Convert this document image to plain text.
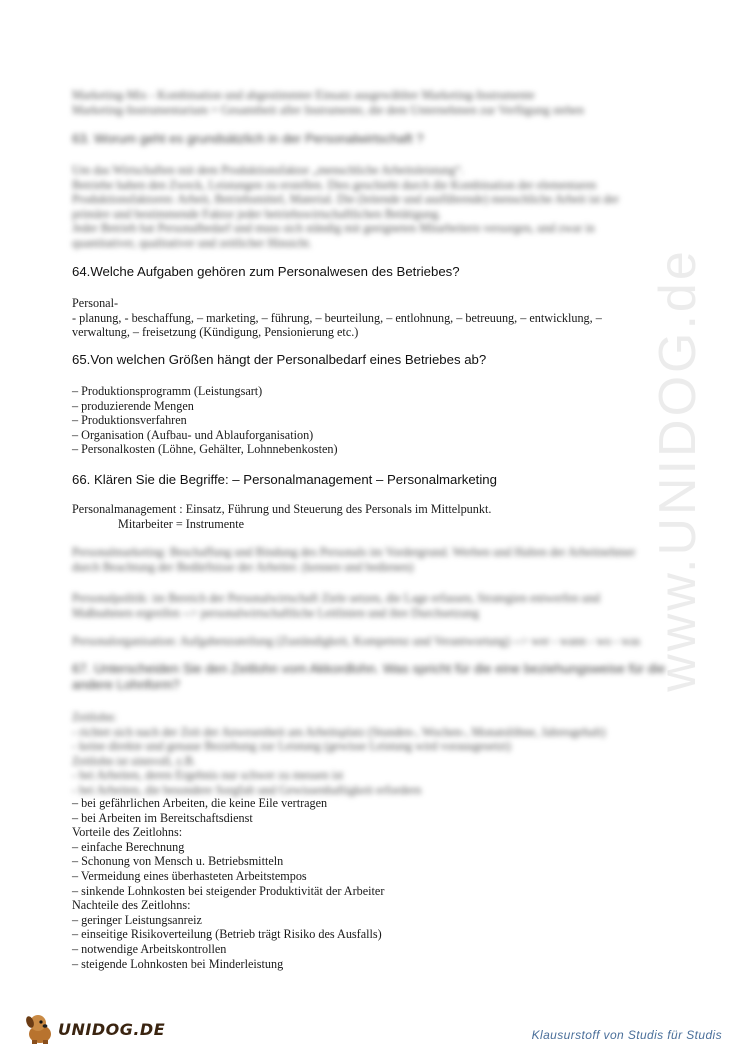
www.UNIDOG.de
Marketing-Mix - Kombination und abgestimmter Einsatz ausgewählter Marketing-Instrumente
Marketing-Instrumentarium = Gesamtheit aller Instrumente, die dem Unternehmen zur Verfügung stehen
63. Worum geht es grundsätzlich in der Personalwirtschaft ?
Um das Wirtschaften mit dem Produktionsfaktor „menschliche Arbeitsleistung“.
Betriebe haben den Zweck, Leistungen zu erstellen. Dies geschieht durch die Kombination der elementaren
Produktionsfaktoren: Arbeit, Betriebsmittel, Material. Die (leitende und ausführende) menschliche Arbeit ist der
primäre und bestimmende Faktor jeder betriebswirtschaftlichen Betätigung.
Jeder Betrieb hat Personalbedarf und muss sich ständig mit geeigneten Mitarbeitern versorgen, und zwar in
quantitativer, qualitativer und zeitlicher Hinsicht.
64.Welche Aufgaben gehören zum Personalwesen des Betriebes?
Personal-
- planung, - beschaffung, – marketing, – führung, – beurteilung, – entlohnung, – betreuung, – entwicklung, –
verwaltung, – freisetzung (Kündigung, Pensionierung etc.)
65.Von welchen Größen hängt der Personalbedarf eines Betriebes ab?
– Produktionsprogramm (Leistungsart)
– produzierende Mengen
– Produktionsverfahren
– Organisation (Aufbau- und Ablauforganisation)
– Personalkosten (Löhne, Gehälter, Lohnnebenkosten)
66. Klären Sie die Begriffe: – Personalmanagement – Personalmarketing
Personalmanagement : Einsatz, Führung und Steuerung des Personals im Mittelpunkt.
Mitarbeiter = Instrumente
Personalmarketing: Beschaffung und Bindung des Personals im Vordergrund. Werben und Halten der Arbeitnehmer
durch Beachtung der Bedürfnisse der Arbeiter. (kennen und bedienen)
Personalpolitik: im Bereich der Personalwirtschaft Ziele setzen, die Lage erfassen, Strategien entwerfen und
Maßnahmen ergreifen --> personalwirtschaftliche Leitlinien und ihre Durchsetzung
Personalorganisation: Aufgabenzuteilung (Zuständigkeit, Kompetenz und Verantwortung) --> wer - wann - wo - was
67. Unterscheiden Sie den Zeitlohn vom Akkordlohn. Was spricht für die eine beziehungsweise für die andere Lohnform?
Zeitlohn:
- richtet sich nach der Zeit der Anwesenheit am Arbeitsplatz (Stunden-, Wochen-, Monatslöhne, Jahresgehalt)
- keine direkte und genaue Beziehung zur Leistung (gewisse Leistung wird vorausgesetzt)
Zeitlohn ist sinnvoll, z.B.
- bei Arbeiten, deren Ergebnis nur schwer zu messen ist
- bei Arbeiten, die besondere Sorgfalt und Gewissenhaftigkeit erfordern
– bei gefährlichen Arbeiten, die keine Eile vertragen
– bei Arbeiten im Bereitschaftsdienst
Vorteile des Zeitlohns:
– einfache Berechnung
– Schonung von Mensch u. Betriebsmitteln
– Vermeidung eines überhasteten Arbeitstempos
– sinkende Lohnkosten bei steigender Produktivität der Arbeiter
Nachteile des Zeitlohns:
– geringer Leistungsanreiz
– einseitige Risikoverteilung (Betrieb trägt Risiko des Ausfalls)
– notwendige Arbeitskontrollen
– steigende Lohnkosten bei Minderleistung
UNIDOG.DE	Klausurstoff von Studis für Studis
